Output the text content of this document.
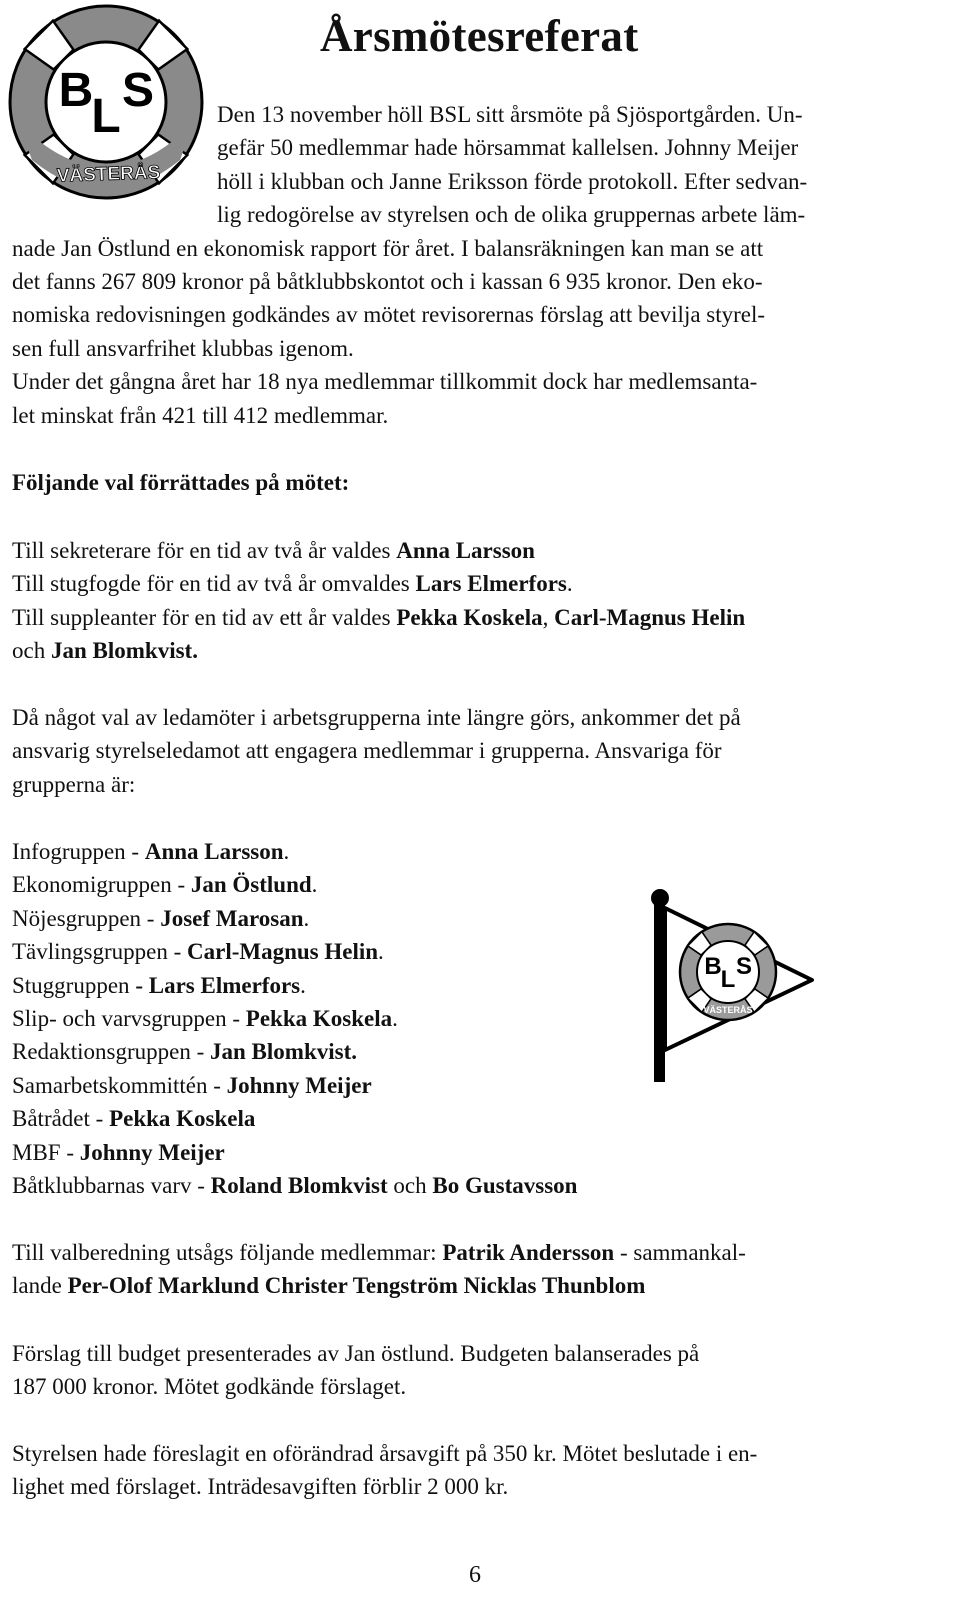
B
L S
VÄSTERÅS
Årsmötesreferat
Den 13 november höll BSL sitt årsmöte på Sjösportgården. Un-
gefär 50 medlemmar hade hörsammat kallelsen. Johnny Meijer
höll i klubban och Janne Eriksson förde protokoll. Efter sedvan-
lig redogörelse av styrelsen och de olika gruppernas arbete läm-
nade Jan Östlund en ekonomisk rapport för året. I balansräkningen kan man se att
det fanns 267 809 kronor på båtklubbskontot och i kassan 6 935 kronor. Den eko-
nomiska redovisningen godkändes av mötet revisorernas förslag att bevilja styrel-
sen full ansvarfrihet klubbas igenom.
Under det gångna året har 18 nya medlemmar tillkommit dock har medlemsanta-
let minskat från 421 till 412 medlemmar.
Följande val förrättades på mötet:
Till sekreterare för en tid av två år valdes Anna Larsson
Till stugfogde för en tid av två år omvaldes Lars Elmerfors.
Till suppleanter för en tid av ett år valdes Pekka Koskela, Carl-Magnus Helin
och Jan Blomkvist.
Då något val av ledamöter i arbetsgrupperna inte längre görs, ankommer det på
ansvarig styrelseledamot att engagera medlemmar i grupperna. Ansvariga för
grupperna är:
Infogruppen - Anna Larsson.
Ekonomigruppen - Jan Östlund.
Nöjesgruppen - Josef Marosan.
Tävlingsgruppen - Carl-Magnus Helin.
Stuggruppen - Lars Elmerfors.
Slip- och varvsgruppen - Pekka Koskela.
Redaktionsgruppen - Jan Blomkvist.
Samarbetskommittén - Johnny Meijer
Båtrådet - Pekka Koskela
MBF - Johnny Meijer
Båtklubbarnas varv - Roland Blomkvist och Bo Gustavsson
B
L S
VÄSTERÅS
Till valberedning utsågs följande medlemmar: Patrik Andersson - sammankal-
lande Per-Olof Marklund Christer Tengström Nicklas Thunblom
Förslag till budget presenterades av Jan östlund. Budgeten balanserades på
187 000 kronor. Mötet godkände förslaget.
Styrelsen hade föreslagit en oförändrad årsavgift på 350 kr. Mötet beslutade i en-
lighet med förslaget. Inträdesavgiften förblir 2 000 kr.
6
